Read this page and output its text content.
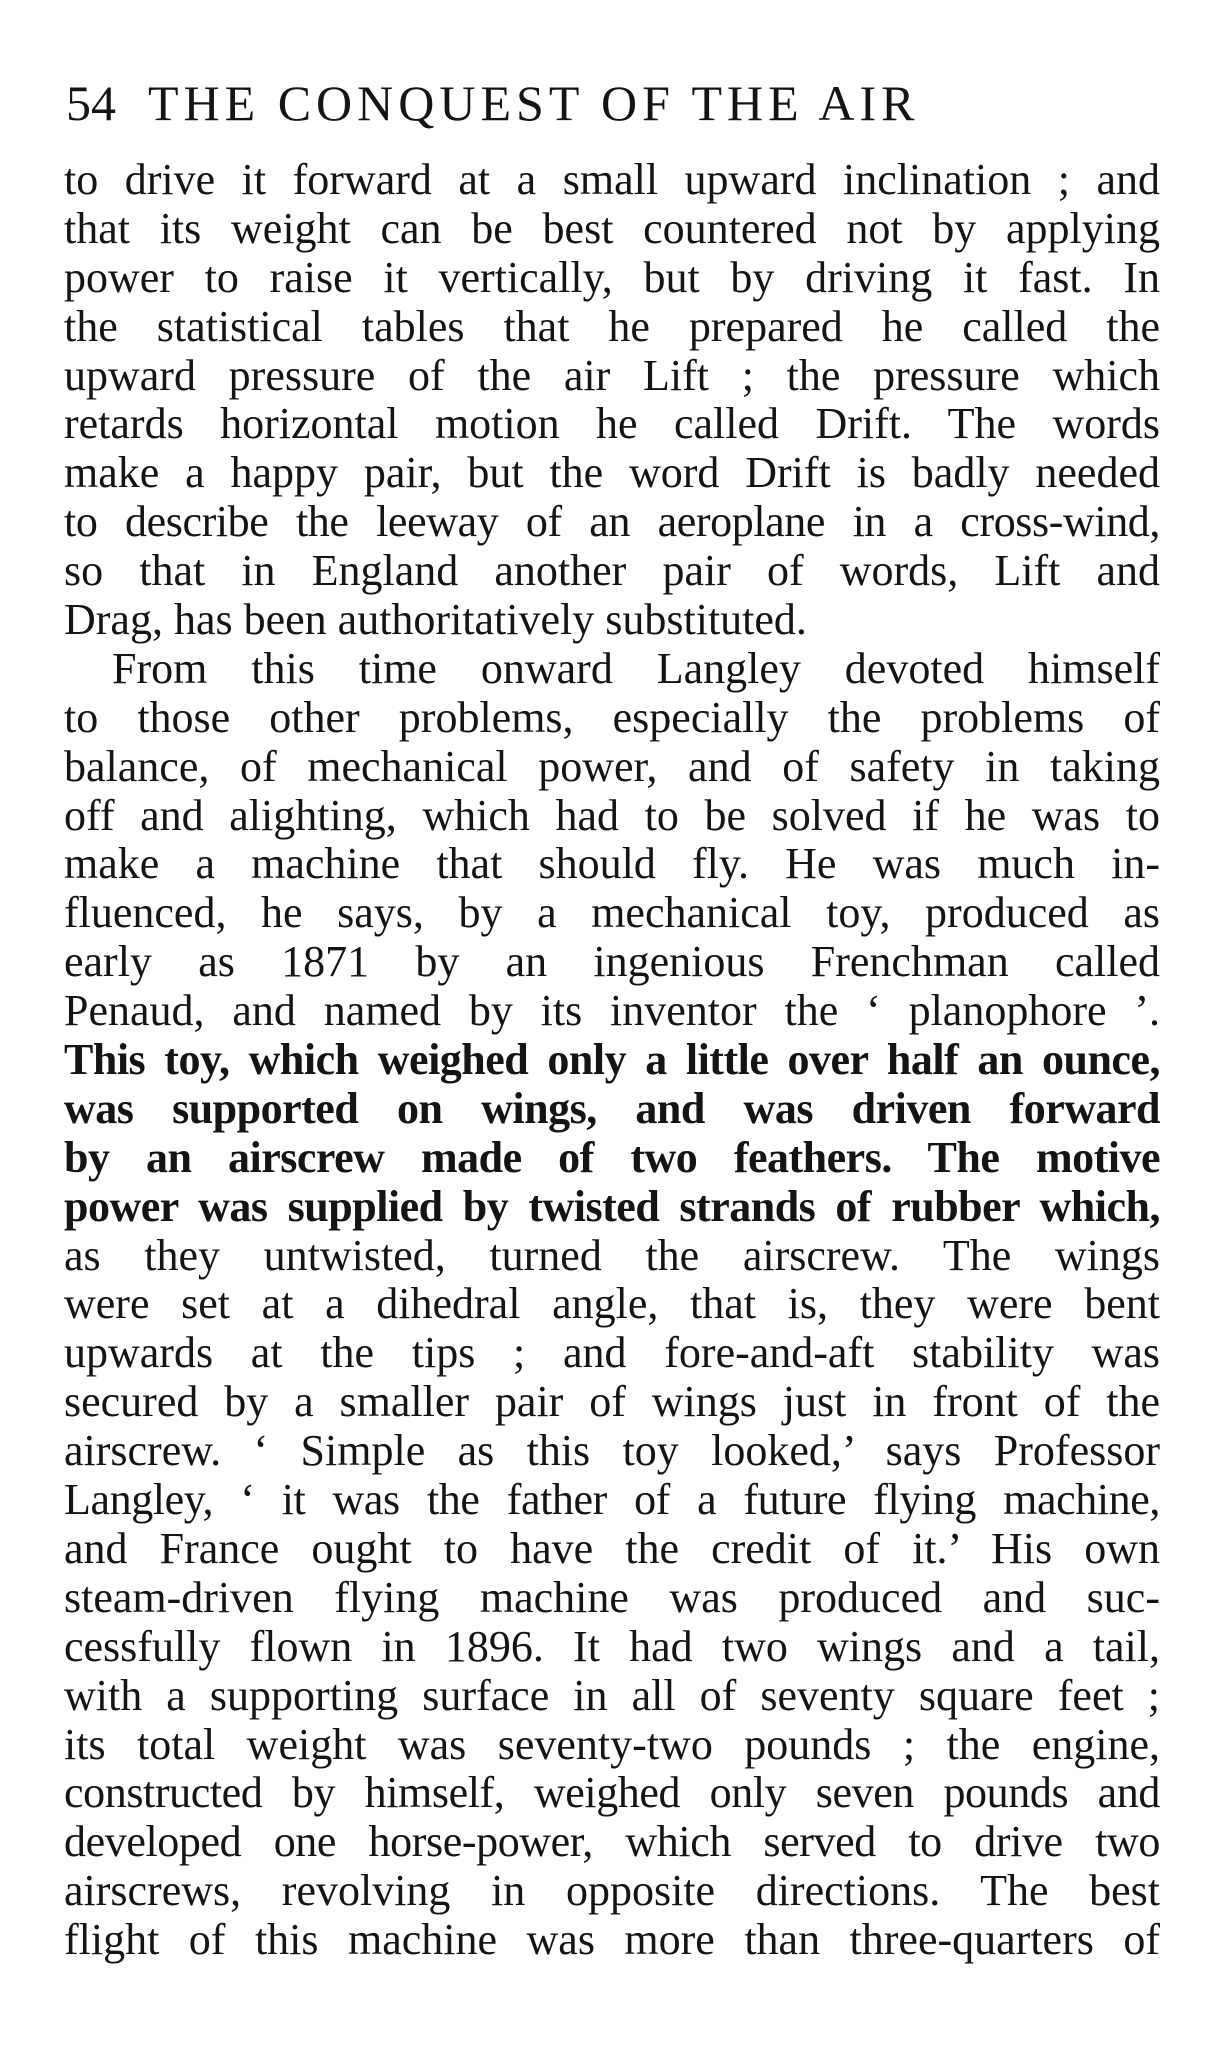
54 THE CONQUEST OF THE AIR
to drive it forward at a small upward inclination ; and
that its weight can be best countered not by applying
power to raise it vertically, but by driving it fast. In
the statistical tables that he prepared he called the
upward pressure of the air Lift ; the pressure which
retards horizontal motion he called Drift. The words
make a happy pair, but the word Drift is badly needed
to describe the leeway of an aeroplane in a cross-wind,
so that in England another pair of words, Lift and
Drag, has been authoritatively substituted.
From this time onward Langley devoted himself
to those other problems, especially the problems of
balance, of mechanical power, and of safety in taking
off and alighting, which had to be solved if he was to
make a machine that should fly. He was much in-
fluenced, he says, by a mechanical toy, produced as
early as 1871 by an ingenious Frenchman called
Penaud, and named by its inventor the ‘ planophore ’.
This toy, which weighed only a little over half an ounce,
was supported on wings, and was driven forward
by an airscrew made of two feathers. The motive
power was supplied by twisted strands of rubber which,
as they untwisted, turned the airscrew. The wings
were set at a dihedral angle, that is, they were bent
upwards at the tips ; and fore-and-aft stability was
secured by a smaller pair of wings just in front of the
airscrew. ‘ Simple as this toy looked,’ says Professor
Langley, ‘ it was the father of a future flying machine,
and France ought to have the credit of it.’ His own
steam-driven flying machine was produced and suc-
cessfully flown in 1896. It had two wings and a tail,
with a supporting surface in all of seventy square feet ;
its total weight was seventy-two pounds ; the engine,
constructed by himself, weighed only seven pounds and
developed one horse-power, which served to drive two
airscrews, revolving in opposite directions. The best
flight of this machine was more than three-quarters of
